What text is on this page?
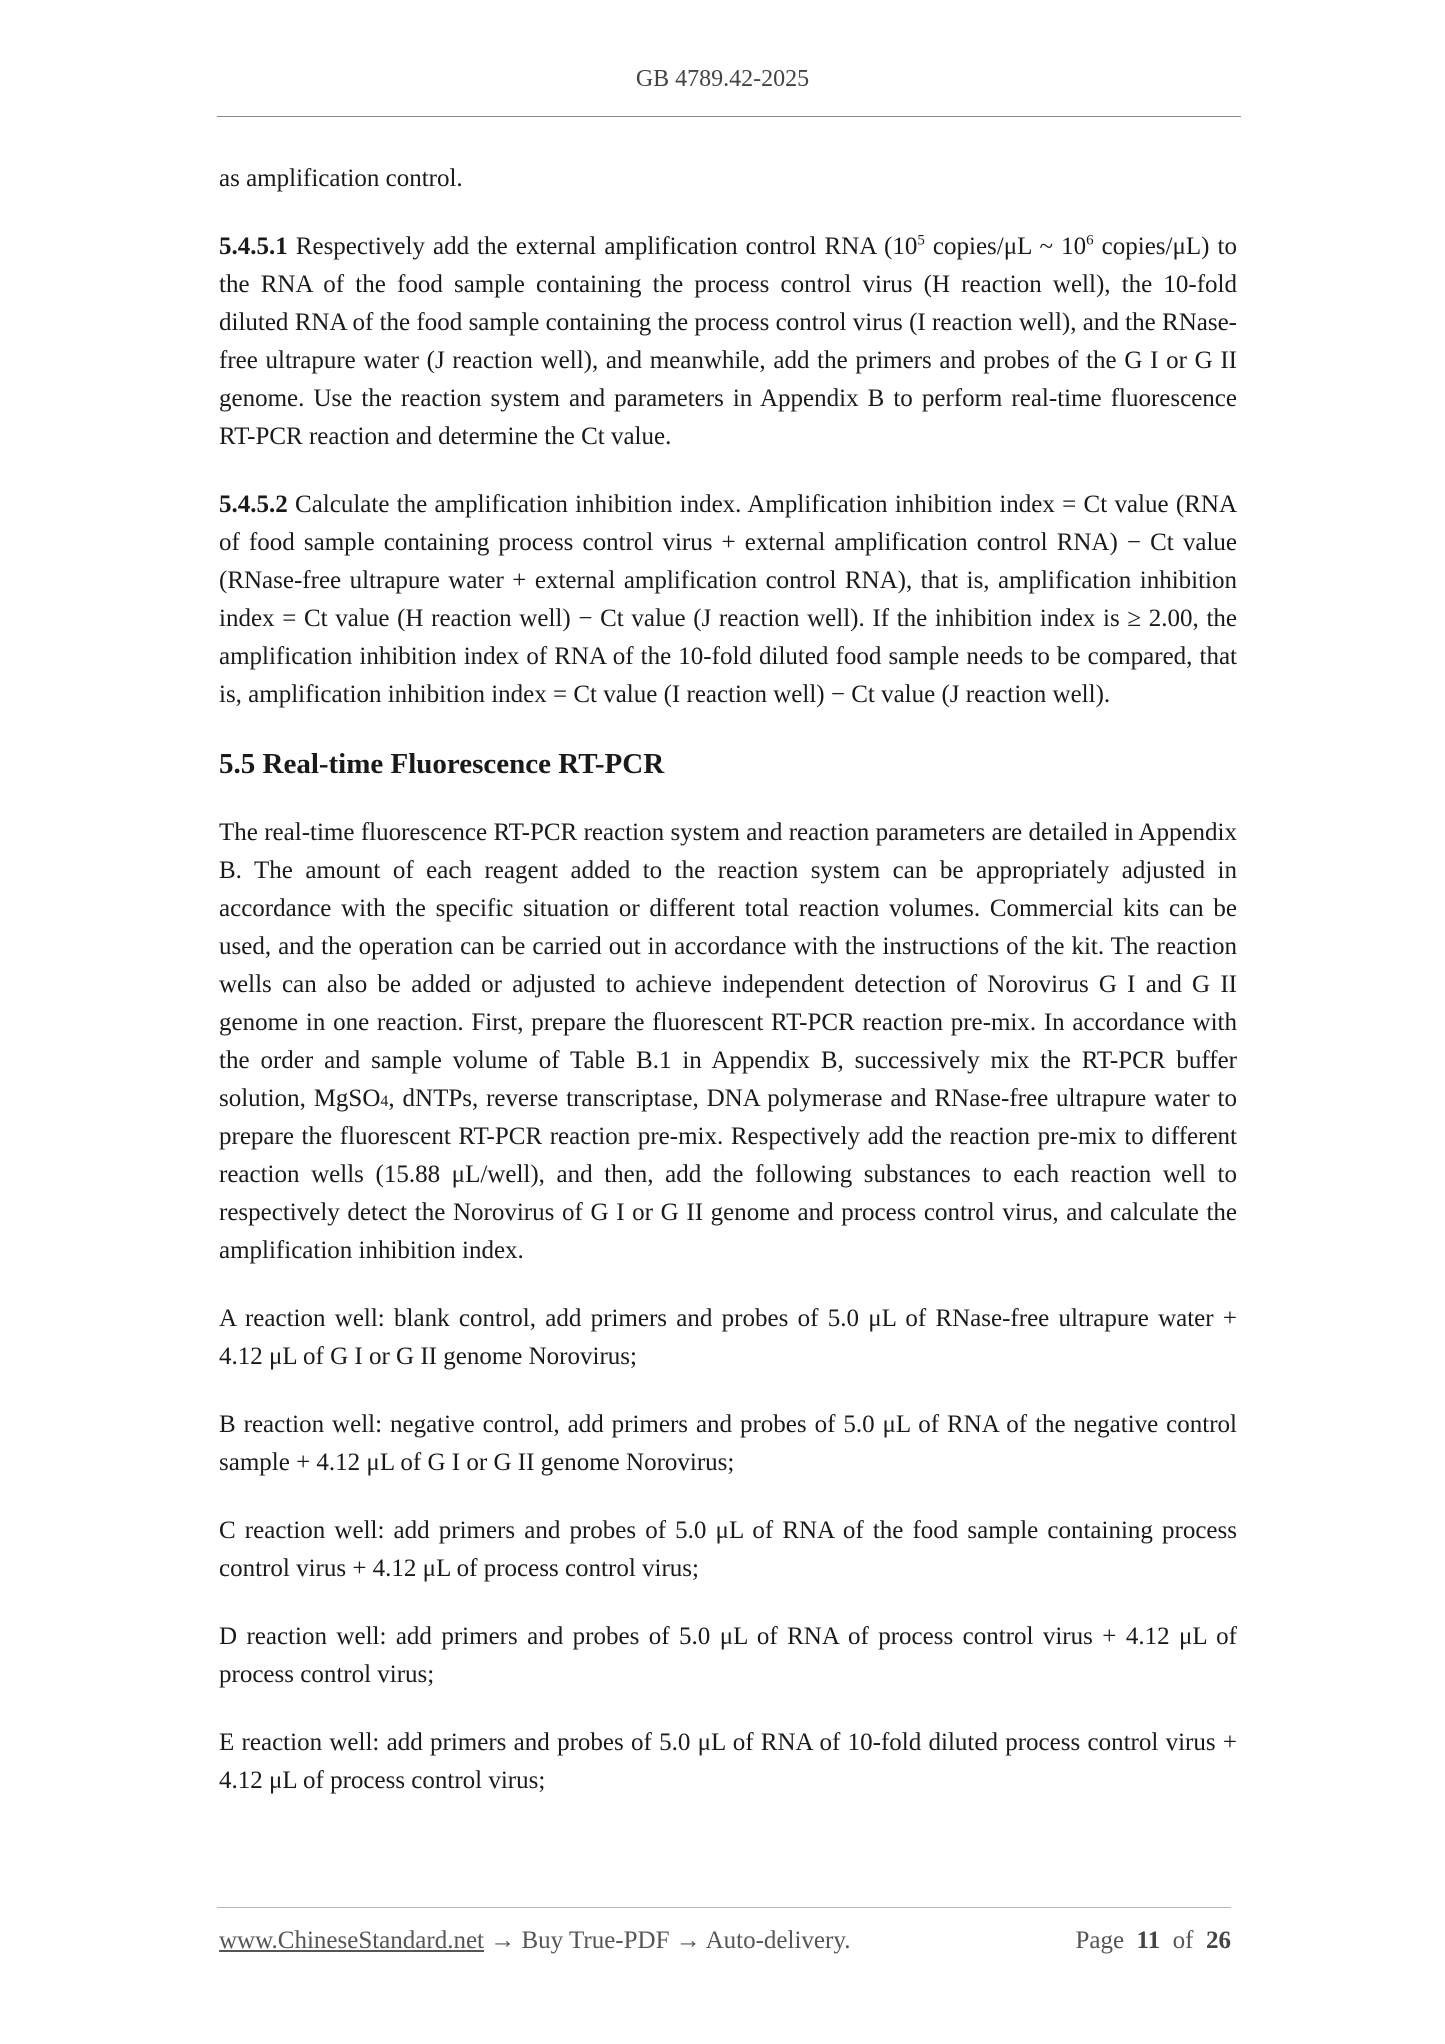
GB 4789.42-2025

as amplification control.

5.4.5.1 Respectively add the external amplification control RNA ($10^5$ copies/μL ~ $10^6$ copies/μL) to the RNA of the food sample containing the process control virus (H reaction well), the 10-fold diluted RNA of the food sample containing the process control virus (I reaction well), and the RNase-free ultrapure water (J reaction well), and meanwhile, add the primers and probes of the G I or G II genome. Use the reaction system and parameters in Appendix B to perform real-time fluorescence RT-PCR reaction and determine the Ct value.

5.4.5.2 Calculate the amplification inhibition index. Amplification inhibition index = Ct value (RNA of food sample containing process control virus + external amplification control RNA) − Ct value (RNase-free ultrapure water + external amplification control RNA), that is, amplification inhibition index = Ct value (H reaction well) − Ct value (J reaction well). If the inhibition index is ≥ 2.00, the amplification inhibition index of RNA of the 10-fold diluted food sample needs to be compared, that is, amplification inhibition index = Ct value (I reaction well) − Ct value (J reaction well).

5.5 Real-time Fluorescence RT-PCR

The real-time fluorescence RT-PCR reaction system and reaction parameters are detailed in Appendix B. The amount of each reagent added to the reaction system can be appropriately adjusted in accordance with the specific situation or different total reaction volumes. Commercial kits can be used, and the operation can be carried out in accordance with the instructions of the kit. The reaction wells can also be added or adjusted to achieve independent detection of Norovirus G I and G II genome in one reaction. First, prepare the fluorescent RT-PCR reaction pre-mix. In accordance with the order and sample volume of Table B.1 in Appendix B, successively mix the RT-PCR buffer solution, MgSO4, dNTPs, reverse transcriptase, DNA polymerase and RNase-free ultrapure water to prepare the fluorescent RT-PCR reaction pre-mix. Respectively add the reaction pre-mix to different reaction wells (15.88 μL/well), and then, add the following substances to each reaction well to respectively detect the Norovirus of G I or G II genome and process control virus, and calculate the amplification inhibition index.

A reaction well: blank control, add primers and probes of 5.0 μL of RNase-free ultrapure water + 4.12 μL of G I or G II genome Norovirus;

B reaction well: negative control, add primers and probes of 5.0 μL of RNA of the negative control sample + 4.12 μL of G I or G II genome Norovirus;

C reaction well: add primers and probes of 5.0 μL of RNA of the food sample containing process control virus + 4.12 μL of process control virus;

D reaction well: add primers and probes of 5.0 μL of RNA of process control virus + 4.12 μL of process control virus;

E reaction well: add primers and probes of 5.0 μL of RNA of 10-fold diluted process control virus + 4.12 μL of process control virus;

www.ChineseStandard.net → Buy True-PDF → Auto-delivery.	Page 11 of 26
